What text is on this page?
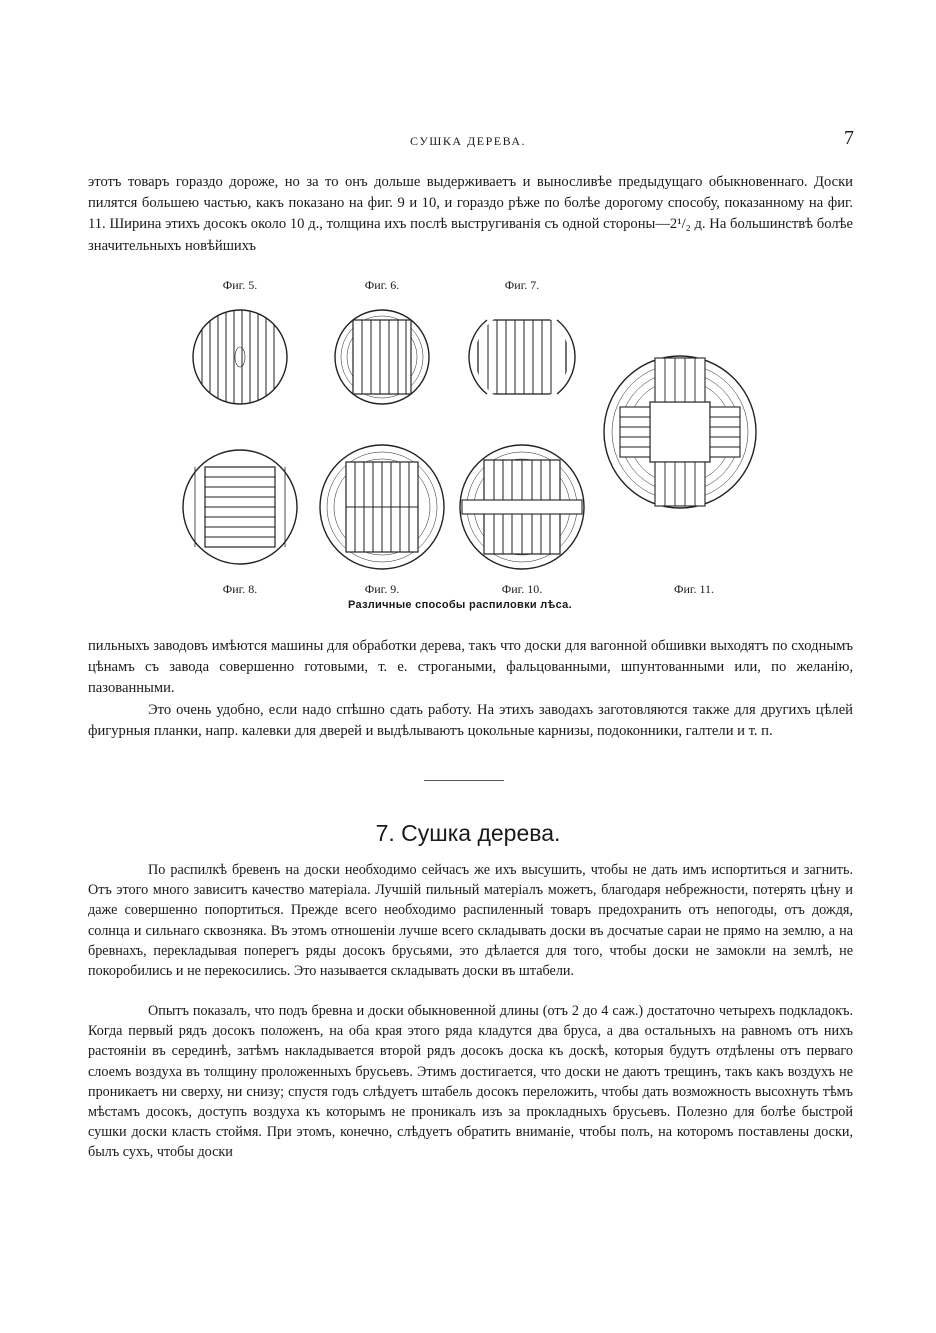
СУШКА ДЕРЕВА.	7

этотъ товаръ гораздо дороже, но за то онъ дольше выдерживаетъ и выносливѣе предыдущаго обыкновеннаго. Доски пилятся большею частью, какъ показано на фиг. 9 и 10, и гораздо рѣже по болѣе дорогому способу, показанному на фиг. 11. Ширина этихъ досокъ около 10 д., толщина ихъ послѣ выстругиванія съ одной стороны—2¹/₂ д. На большинствѣ болѣе значительныхъ новѣйшихъ

Фиг. 5.	Фиг. 6.	Фиг. 7.
Фиг. 8.	Фиг. 9.	Фиг. 10.	Фиг. 11.
Различные способы распиловки лѣса.

пильныхъ заводовъ имѣются машины для обработки дерева, такъ что доски для вагонной обшивки выходятъ по сходнымъ цѣнамъ съ завода совершенно готовыми, т. е. строгаными, фальцованными, шпунтованными или, по желанію, пазованными.

Это очень удобно, если надо спѣшно сдать работу. На этихъ заводахъ заготовляются также для другихъ цѣлей фигурныя планки, напр. калевки для дверей и выдѣлываютъ цокольные карнизы, подоконники, галтели и т. п.

7. Сушка дерева.

По распилкѣ бревенъ на доски необходимо сейчасъ же ихъ высушить, чтобы не дать имъ испортиться и загнить. Отъ этого много зависитъ качество матеріала. Лучшій пильный матеріалъ можетъ, благодаря небрежности, потерять цѣну и даже совершенно попортиться. Прежде всего необходимо распиленный товаръ предохранить отъ непогоды, отъ дождя, солнца и сильнаго сквозняка. Въ этомъ отношеніи лучше всего складывать доски въ досчатые сараи не прямо на землю, а на бревнахъ, перекладывая поперегъ ряды досокъ брусьями, это дѣлается для того, чтобы доски не замокли на землѣ, не покоробились и не перекосились. Это называется складывать доски въ штабели.

Опытъ показалъ, что подъ бревна и доски обыкновенной длины (отъ 2 до 4 саж.) достаточно четырехъ подкладокъ. Когда первый рядъ досокъ положенъ, на оба края этого ряда кладутся два бруса, а два остальныхъ на равномъ отъ нихъ растояніи въ серединѣ, затѣмъ накладывается второй рядъ досокъ доска къ доскѣ, которыя будутъ отдѣлены отъ перваго слоемъ воздуха въ толщину проложенныхъ брусьевъ. Этимъ достигается, что доски не даютъ трещинъ, такъ какъ воздухъ не проникаетъ ни сверху, ни снизу; спустя годъ слѣдуетъ штабель досокъ переложить, чтобы дать возможность высохнуть тѣмъ мѣстамъ досокъ, доступъ воздуха къ которымъ не проникалъ изъ за прокладныхъ брусьевъ. Полезно для болѣе быстрой сушки доски класть стоймя. При этомъ, конечно, слѣдуетъ обратить вниманіе, чтобы полъ, на которомъ поставлены доски, былъ сухъ, чтобы доски
